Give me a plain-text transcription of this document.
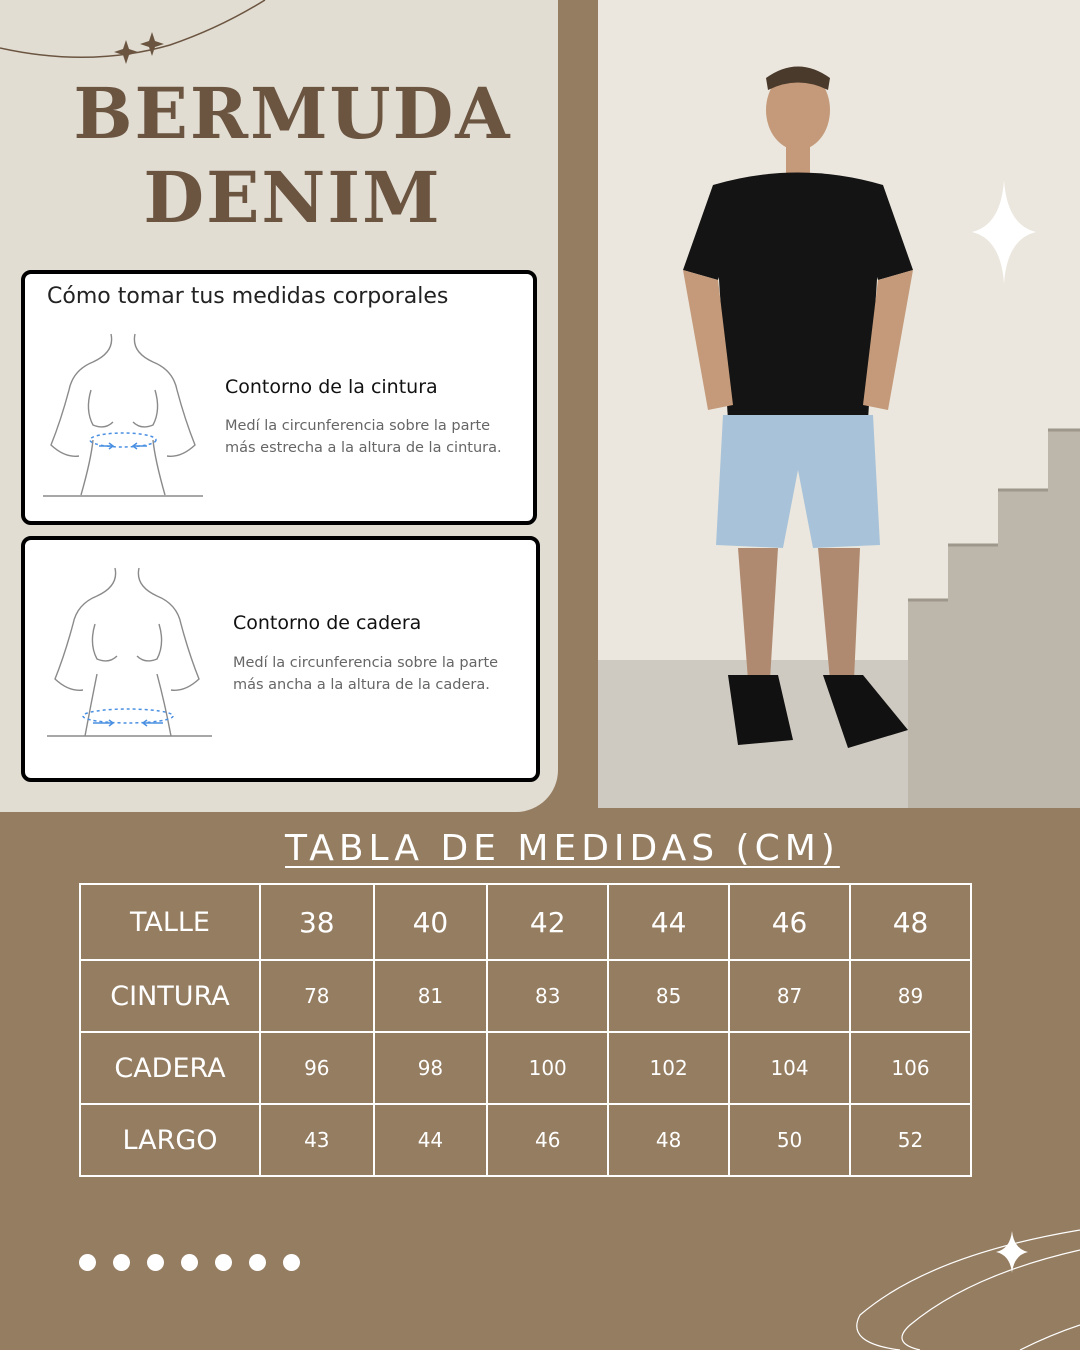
BERMUDA
DENIM
Cómo tomar tus medidas corporales
Contorno de la cintura
Medí la circunferencia sobre la parte
más estrecha a la altura de la cintura.
Contorno de cadera
Medí la circunferencia sobre la parte
más ancha a la altura de la cadera.
TABLA DE MEDIDAS (CM)
TALLE	38	40	42	44	46	48
CINTURA	78	81	83	85	87	89
CADERA	96	98	100	102	104	106
LARGO	43	44	46	48	50	52
